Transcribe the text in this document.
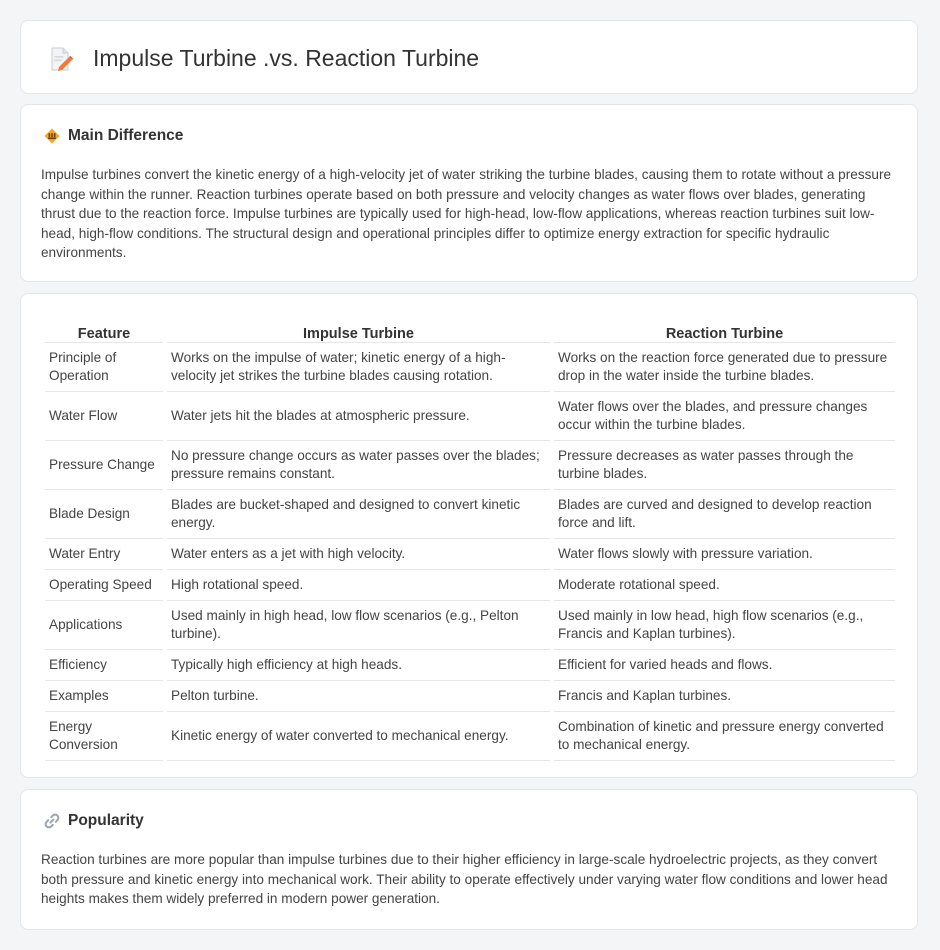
Impulse Turbine .vs. Reaction Turbine
Main Difference

Impulse turbines convert the kinetic energy of a high-velocity jet of water striking the turbine blades, causing them to rotate without a pressure change within the runner. Reaction turbines operate based on both pressure and velocity changes as water flows over blades, generating thrust due to the reaction force. Impulse turbines are typically used for high-head, low-flow applications, whereas reaction turbines suit low-head, high-flow conditions. The structural design and operational principles differ to optimize energy extraction for specific hydraulic environments.

Feature	Impulse Turbine	Reaction Turbine
Principle of Operation	Works on the impulse of water; kinetic energy of a high-velocity jet strikes the turbine blades causing rotation.	Works on the reaction force generated due to pressure drop in the water inside the turbine blades.
Water Flow	Water jets hit the blades at atmospheric pressure.	Water flows over the blades, and pressure changes occur within the turbine blades.
Pressure Change	No pressure change occurs as water passes over the blades; pressure remains constant.	Pressure decreases as water passes through the turbine blades.
Blade Design	Blades are bucket-shaped and designed to convert kinetic energy.	Blades are curved and designed to develop reaction force and lift.
Water Entry	Water enters as a jet with high velocity.	Water flows slowly with pressure variation.
Operating Speed	High rotational speed.	Moderate rotational speed.
Applications	Used mainly in high head, low flow scenarios (e.g., Pelton turbine).	Used mainly in low head, high flow scenarios (e.g., Francis and Kaplan turbines).
Efficiency	Typically high efficiency at high heads.	Efficient for varied heads and flows.
Examples	Pelton turbine.	Francis and Kaplan turbines.
Energy Conversion	Kinetic energy of water converted to mechanical energy.	Combination of kinetic and pressure energy converted to mechanical energy.
Popularity

Reaction turbines are more popular than impulse turbines due to their higher efficiency in large-scale hydroelectric projects, as they convert both pressure and kinetic energy into mechanical work. Their ability to operate effectively under varying water flow conditions and lower head heights makes them widely preferred in modern power generation.
